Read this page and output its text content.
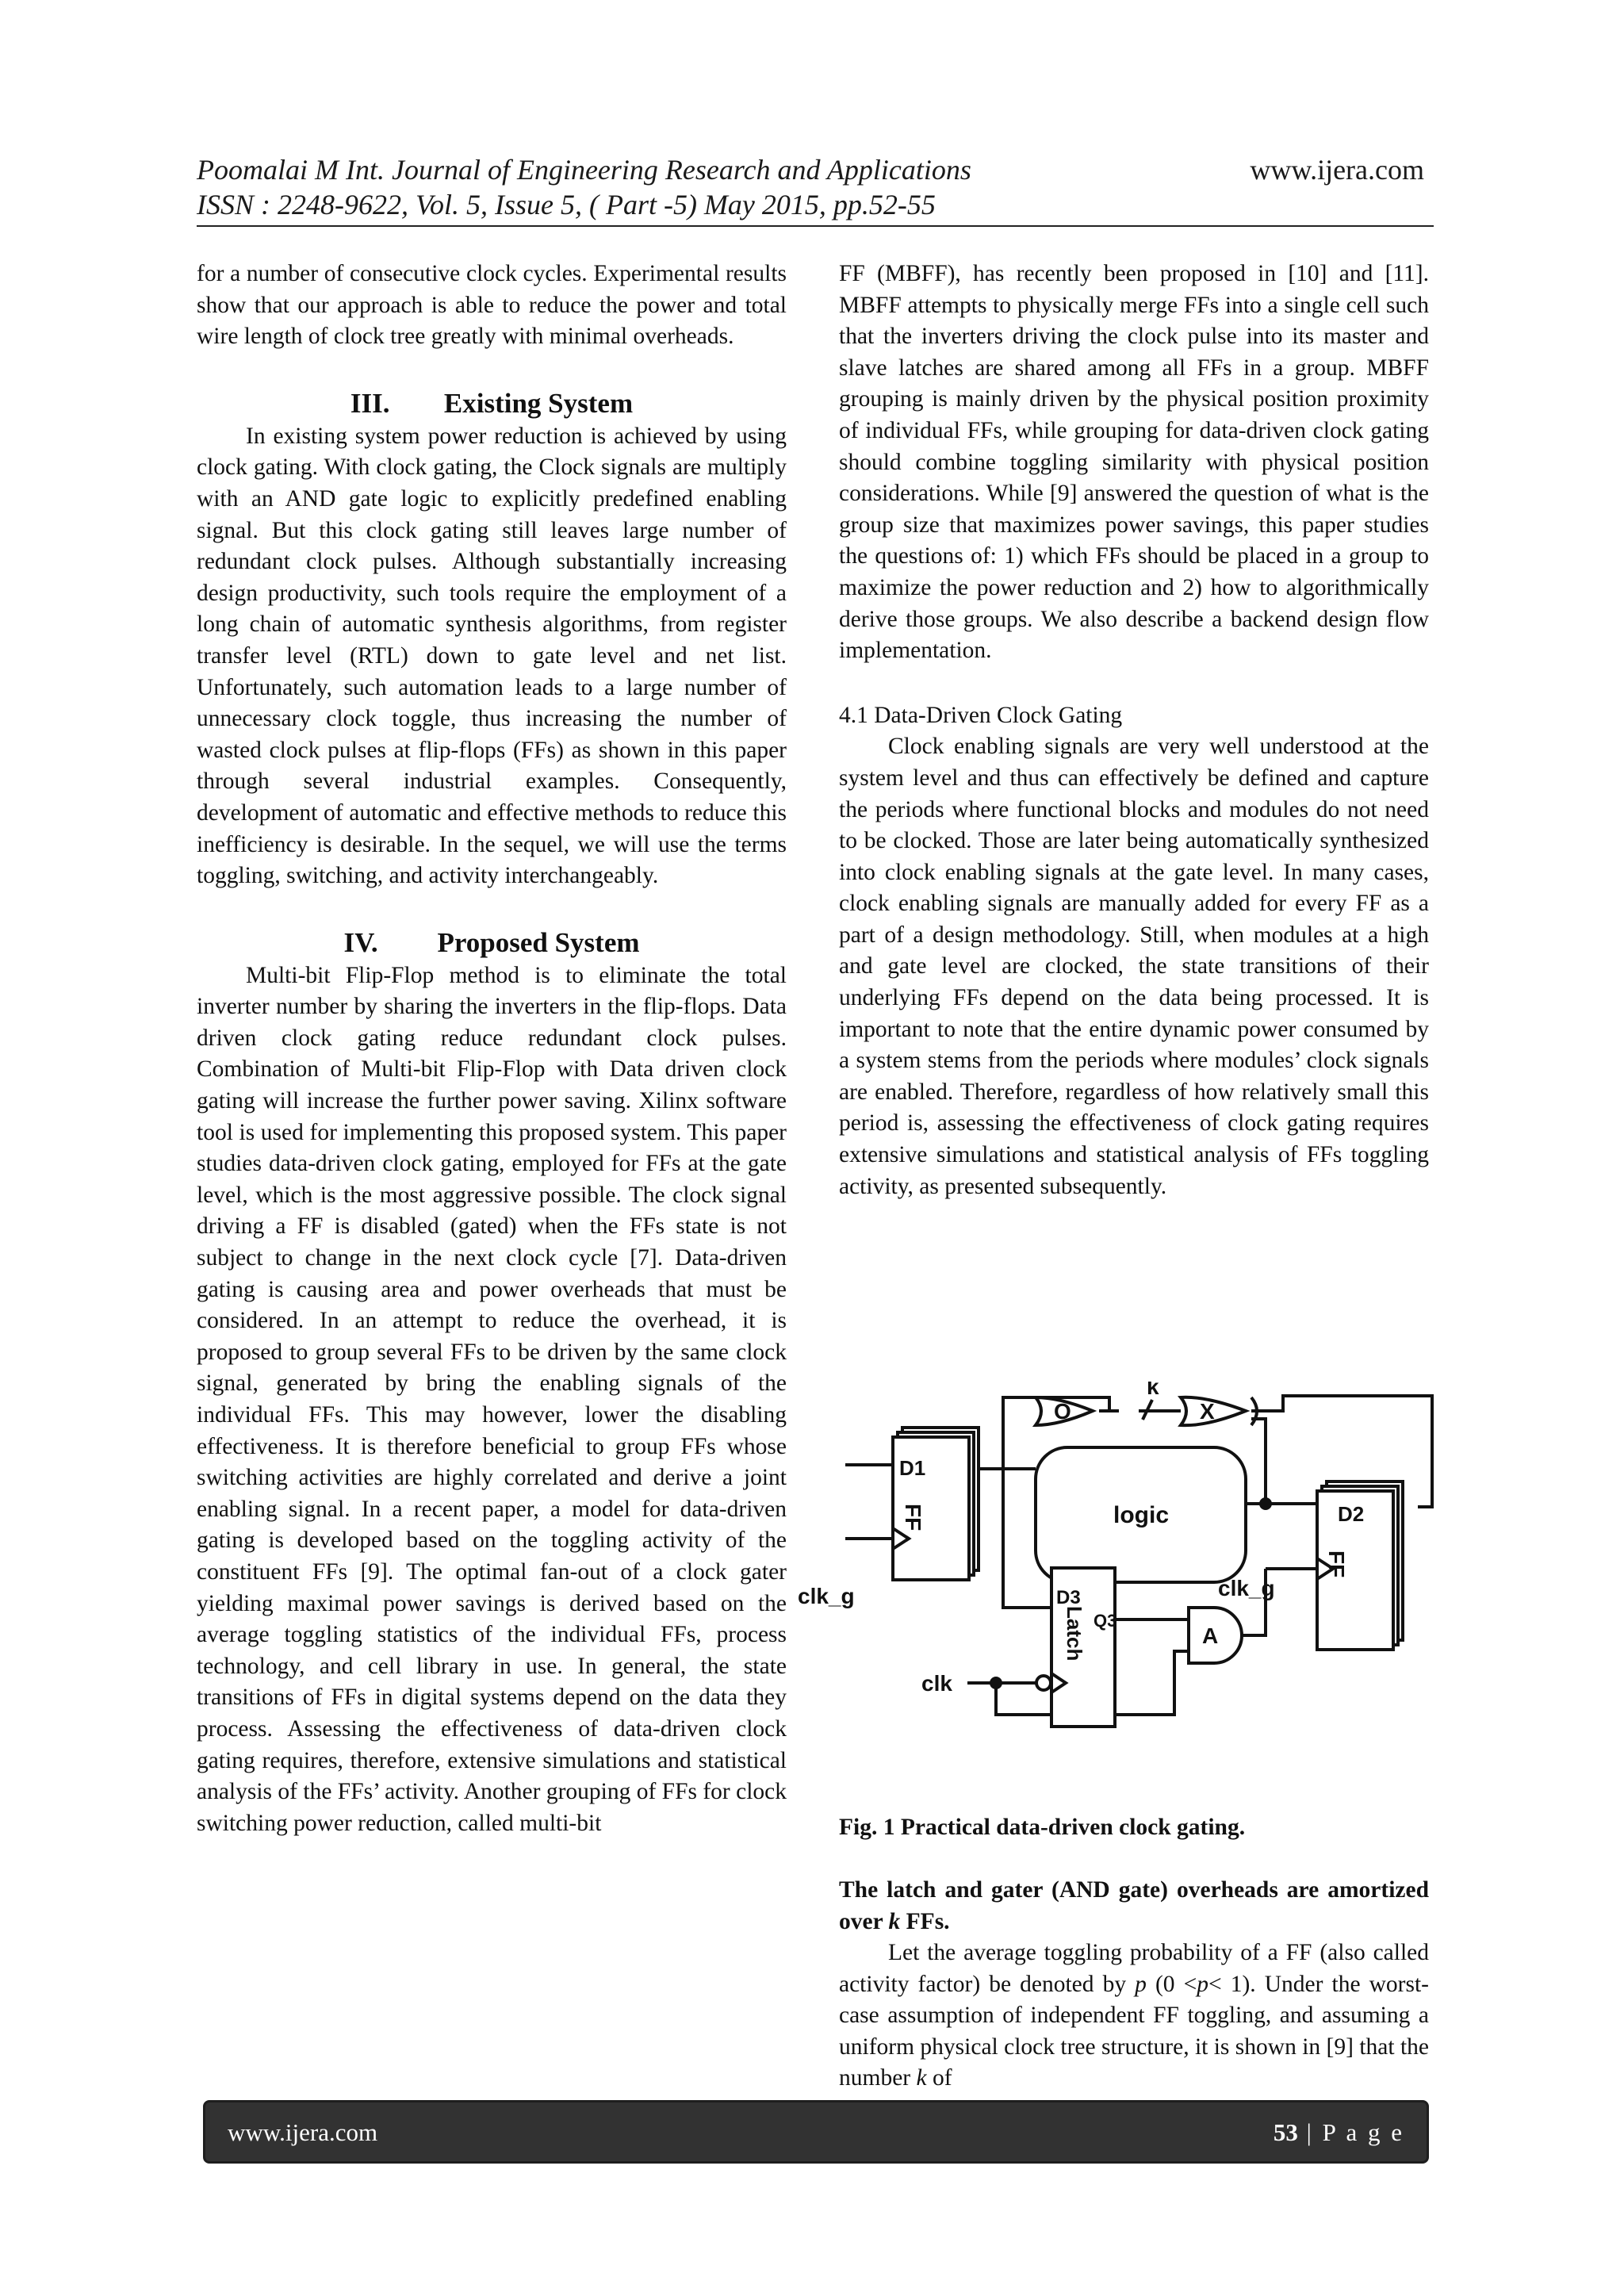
Poomalai M Int. Journal of Engineering Research and Applications	www.ijera.com
ISSN : 2248-9622, Vol. 5, Issue 5, ( Part -5) May 2015, pp.52-55

for a number of consecutive clock cycles. Experimental results show that our approach is able to reduce the power and total wire length of clock tree greatly with minimal overheads.

III. Existing System

In existing system power reduction is achieved by using clock gating. With clock gating, the Clock signals are multiply with an AND gate logic to explicitly predefined enabling signal. But this clock gating still leaves large number of redundant clock pulses. Although substantially increasing design productivity, such tools require the employment of a long chain of automatic synthesis algorithms, from register transfer level (RTL) down to gate level and net list. Unfortunately, such automation leads to a large number of unnecessary clock toggle, thus increasing the number of wasted clock pulses at flip-flops (FFs) as shown in this paper through several industrial examples. Consequently, development of automatic and effective methods to reduce this inefficiency is desirable. In the sequel, we will use the terms toggling, switching, and activity interchangeably.

IV. Proposed System

Multi-bit Flip-Flop method is to eliminate the total inverter number by sharing the inverters in the flip-flops. Data driven clock gating reduce redundant clock pulses. Combination of Multi-bit Flip-Flop with Data driven clock gating will increase the further power saving. Xilinx software tool is used for implementing this proposed system. This paper studies data-driven clock gating, employed for FFs at the gate level, which is the most aggressive possible. The clock signal driving a FF is disabled (gated) when the FFs state is not subject to change in the next clock cycle [7]. Data-driven gating is causing area and power overheads that must be considered. In an attempt to reduce the overhead, it is proposed to group several FFs to be driven by the same clock signal, generated by bring the enabling signals of the individual FFs. This may however, lower the disabling effectiveness. It is therefore beneficial to group FFs whose switching activities are highly correlated and derive a joint enabling signal. In a recent paper, a model for data-driven gating is developed based on the toggling activity of the constituent FFs [9]. The optimal fan-out of a clock gater yielding maximal power savings is derived based on the average toggling statistics of the individual FFs, process technology, and cell library in use. In general, the state transitions of FFs in digital systems depend on the data they process. Assessing the effectiveness of data-driven clock gating requires, therefore, extensive simulations and statistical analysis of the FFs’ activity. Another grouping of FFs for clock switching power reduction, called multi-bit

FF (MBFF), has recently been proposed in [10] and [11]. MBFF attempts to physically merge FFs into a single cell such that the inverters driving the clock pulse into its master and slave latches are shared among all FFs in a group. MBFF grouping is mainly driven by the physical position proximity of individual FFs, while grouping for data-driven clock gating should combine toggling similarity with physical position considerations. While [9] answered the question of what is the group size that maximizes power savings, this paper studies the questions of: 1) which FFs should be placed in a group to maximize the power reduction and 2) how to algorithmically derive those groups. We also describe a backend design flow implementation.

4.1 Data-Driven Clock Gating

Clock enabling signals are very well understood at the system level and thus can effectively be defined and capture the periods where functional blocks and modules do not need to be clocked. Those are later being automatically synthesized into clock enabling signals at the gate level. In many cases, clock enabling signals are manually added for every FF as a part of a design methodology. Still, when modules at a high and gate level are clocked, the state transitions of their underlying FFs depend on the data being processed. It is important to note that the entire dynamic power consumed by a system stems from the periods where modules’ clock signals are enabled. Therefore, regardless of how relatively small this period is, assessing the effectiveness of clock gating requires extensive simulations and statistical analysis of FFs toggling activity, as presented subsequently.

k
O	X
D1
FF	logic	D2
FF
clk_g	clk_g
D3
Latch Q3
A
clk
Fig. 1 Practical data-driven clock gating.
The latch and gater (AND gate) overheads are amortized over k FFs.

Let the average toggling probability of a FF (also called activity factor) be denoted by p (0 <p< 1). Under the worst-case assumption of independent FF toggling, and assuming a uniform physical clock tree structure, it is shown in [9] that the number k of

www.ijera.com	53 | P a g e
